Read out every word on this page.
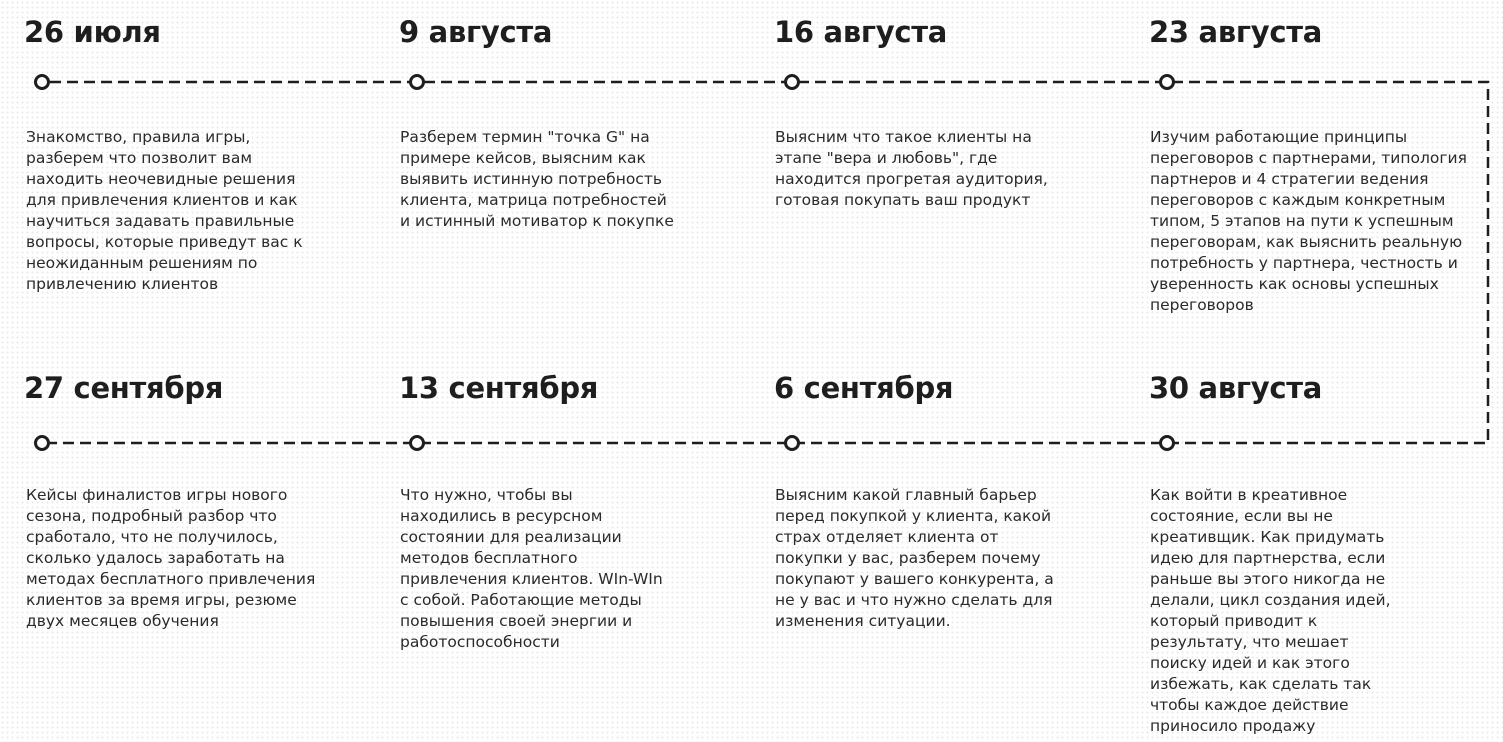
26 июля

Знакомство, правила игры, разберем что позволит вам находить неочевидные решения для привлечения клиентов и как научиться задавать правильные вопросы, которые приведут вас к неожиданным решениям по привлечению клиентов

9 августа

Разберем термин "точка G" на примере кейсов, выясним как выявить истинную потребность клиента, матрица потребностей и истинный мотиватор к покупке

16 августа

Выясним что такое клиенты на этапе "вера и любовь", где находится прогретая аудитория, готовая покупать ваш продукт

23 августа

Изучим работающие принципы переговоров с партнерами, типология партнеров и 4 стратегии ведения переговоров с каждым конкретным типом, 5 этапов на пути к успешным переговорам, как выяснить реальную потребность у партнера, честность и уверенность как основы успешных переговоров

30 августа

Как войти в креативное состояние, если вы не креативщик. Как придумать идею для партнерства, если раньше вы этого никогда не делали, цикл создания идей, который приводит к результату, что мешает поиску идей и как этого избежать, как сделать так чтобы каждое действие приносило продажу

6 сентября

Выясним какой главный барьер перед покупкой у клиента, какой страх отделяет клиента от покупки у вас, разберем почему покупают у вашего конкурента, а не у вас и что нужно сделать для изменения ситуации.

13 сентября

Что нужно, чтобы вы находились в ресурсном состоянии для реализации методов бесплатного привлечения клиентов. WIn-WIn с собой. Работающие методы повышения своей энергии и работоспособности

27 сентября

Кейсы финалистов игры нового сезона, подробный разбор что сработало, что не получилось, сколько удалось заработать на методах бесплатного привлечения клиентов за время игры, резюме двух месяцев обучения
